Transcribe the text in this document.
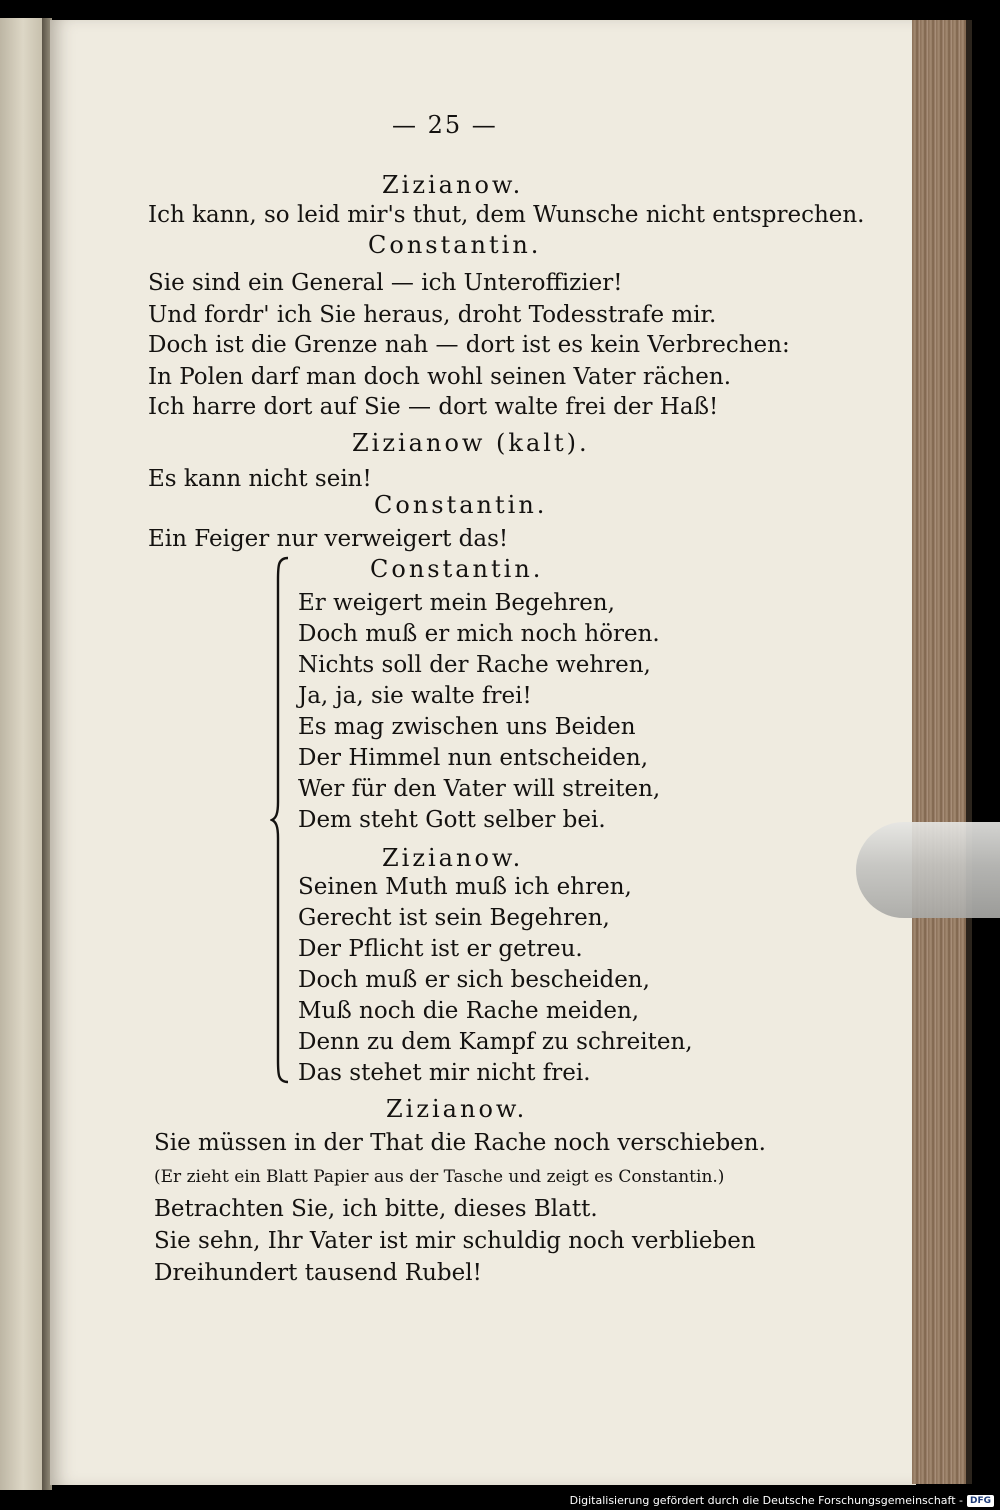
— 25 —
Zizianow.
Ich kann, so leid mir's thut, dem Wunsche nicht entsprechen.
Constantin.
Sie sind ein General — ich Unteroffizier!
Und fordr' ich Sie heraus, droht Todesstrafe mir.
Doch ist die Grenze nah — dort ist es kein Verbrechen:
In Polen darf man doch wohl seinen Vater rächen.
Ich harre dort auf Sie — dort walte frei der Haß!
Zizianow (kalt).
Es kann nicht sein!
Constantin.
Ein Feiger nur verweigert das!
Constantin.
Er weigert mein Begehren,
Doch muß er mich noch hören.
Nichts soll der Rache wehren,
Ja, ja, sie walte frei!
Es mag zwischen uns Beiden
Der Himmel nun entscheiden,
Wer für den Vater will streiten,
Dem steht Gott selber bei.
Zizianow.
Seinen Muth muß ich ehren,
Gerecht ist sein Begehren,
Der Pflicht ist er getreu.
Doch muß er sich bescheiden,
Muß noch die Rache meiden,
Denn zu dem Kampf zu schreiten,
Das stehet mir nicht frei.
Zizianow.
Sie müssen in der That die Rache noch verschieben.
(Er zieht ein Blatt Papier aus der Tasche und zeigt es Constantin.)
Betrachten Sie, ich bitte, dieses Blatt.
Sie sehn, Ihr Vater ist mir schuldig noch verblieben
Dreihundert tausend Rubel!
Digitalisierung gefördert durch die Deutsche Forschungsgemeinschaft - DFG
